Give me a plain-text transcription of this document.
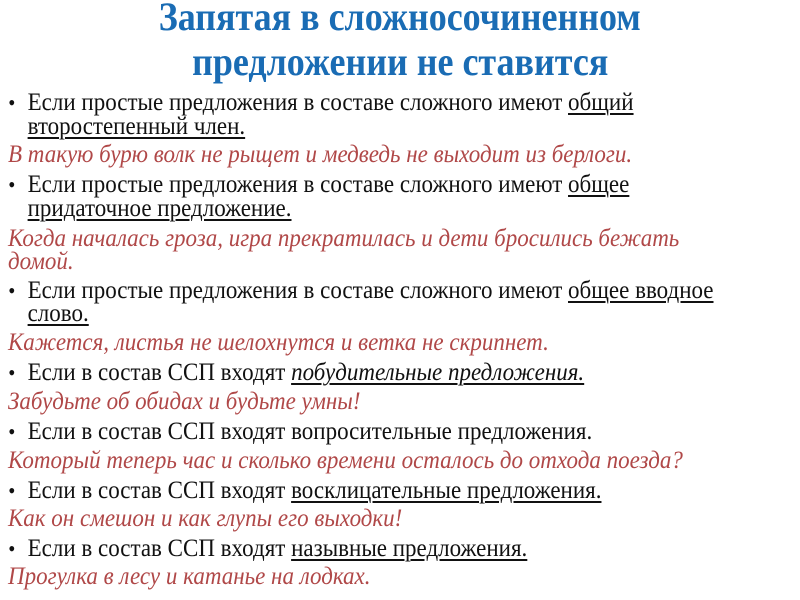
Запятая в сложносочиненном
предложении не ставится
• Если простые предложения в составе сложного имеют общий
второстепенный член.
В такую бурю волк не рыщет и медведь не выходит из берлоги.
• Если простые предложения в составе сложного имеют общее
придаточное предложение.
Когда началась гроза, игра прекратилась и дети бросились бежать
домой.
• Если простые предложения в составе сложного имеют общее вводное
слово.
Кажется, листья не шелохнутся и ветка не скрипнет.
• Если в состав ССП входят побудительные предложения.
Забудьте об обидах и будьте умны!
• Если в состав ССП входят вопросительные предложения.
Который теперь час и сколько времени осталось до отхода поезда?
• Если в состав ССП входят восклицательные предложения.
Как он смешон и как глупы его выходки!
• Если в состав ССП входят назывные предложения.
Прогулка в лесу и катанье на лодках.
